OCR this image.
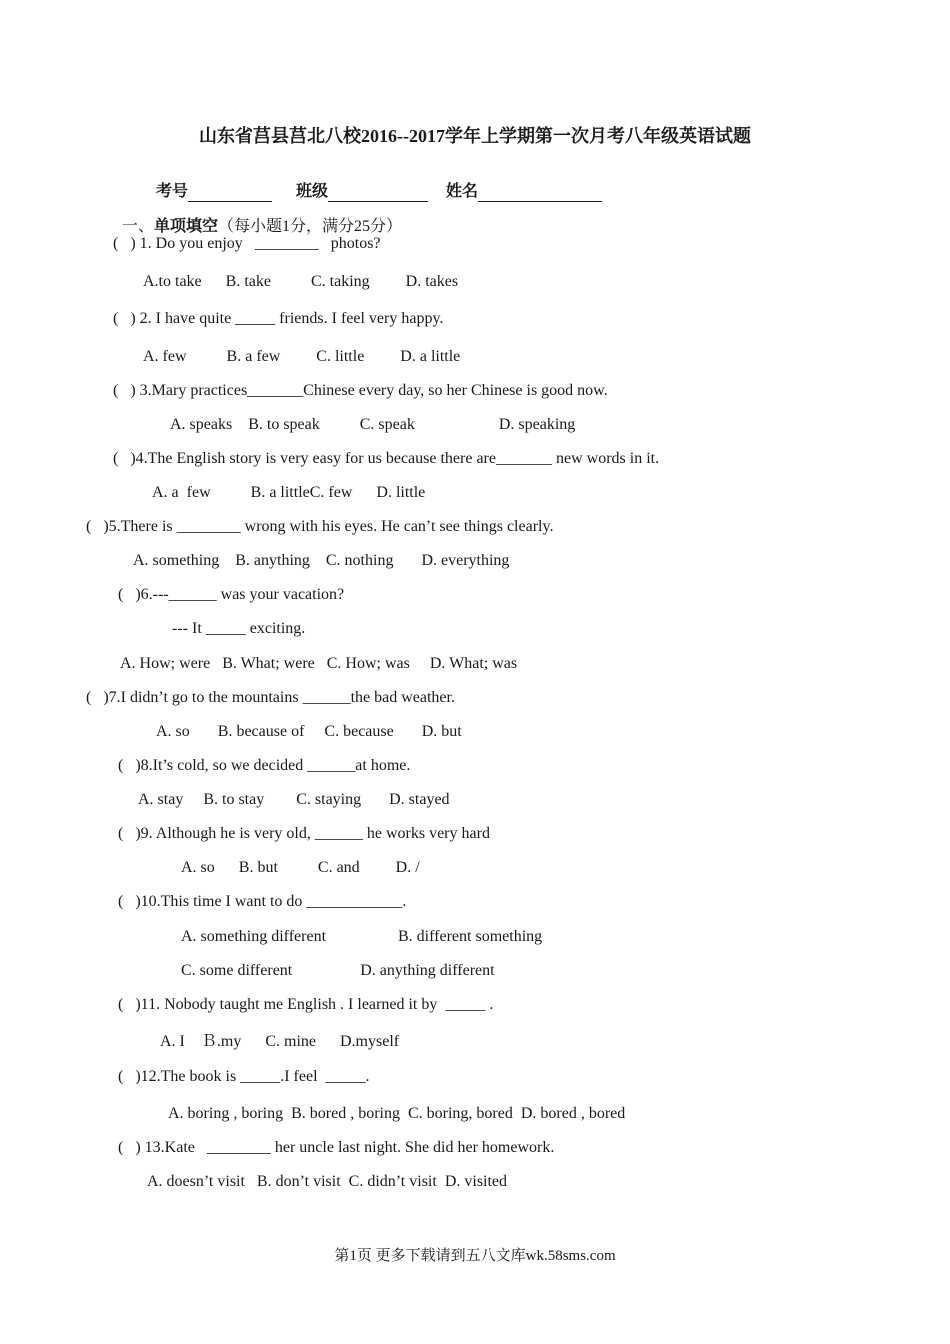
山东省莒县莒北八校2016--2017学年上学期第一次月考八年级英语试题

考号	班级	姓名

一、单项填空（每小题1分，满分25分）

(   ) 1. Do you enjoy   ________   photos?
A.to take      B. take          C. taking         D. takes
(   ) 2. I have quite _____ friends. I feel very happy.
A. few          B. a few         C. little         D. a little
(   ) 3.Mary practices_______Chinese every day, so her Chinese is good now.
A. speaks    B. to speak          C. speak                     D. speaking
(   )4.The English story is very easy for us because there are_______ new words in it.
A. a  few          B. a littleC. few      D. little
(   )5.There is ________ wrong with his eyes. He can’t see things clearly.
A. something    B. anything    C. nothing       D. everything
(   )6.---______ was your vacation?
--- It _____ exciting.
A. How; were   B. What; were   C. How; was     D. What; was
(   )7.I didn’t go to the mountains ______the bad weather.
A. so       B. because of     C. because       D. but
(   )8.It’s cold, so we decided ______at home.
A. stay     B. to stay        C. staying       D. stayed
(   )9. Although he is very old, ______ he works very hard
A. so      B. but          C. and         D. /
(   )10.This time I want to do ____________.
A. something different                  B. different something
C. some different                 D. anything different
(   )11. Nobody taught me English . I learned it by  _____ .
A. I    Ｂ.my      C. mine      D.myself
(   )12.The book is _____.I feel  _____.
A. boring , boring  B. bored , boring  C. boring, bored  D. bored , bored
(   ) 13.Kate   ________ her uncle last night. She did her homework.
A. doesn’t visit   B. don’t visit  C. didn’t visit  D. visited
第1页 更多下载请到五八文库wk.58sms.com
